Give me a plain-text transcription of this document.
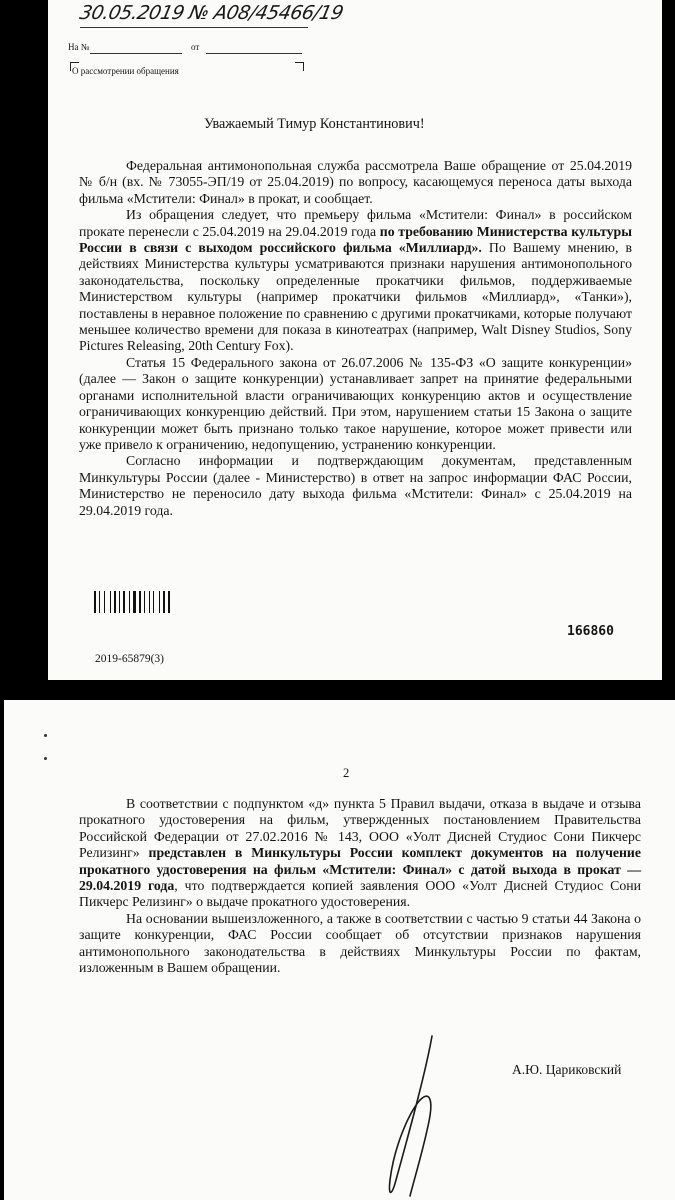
30.05.2019 № А08/45466/19
На №	от
О рассмотрении обращения
Уважаемый Тимур Константинович!

Федеральная антимонопольная служба рассмотрела Ваше обращение от 25.04.2019 № б/н (вх. № 73055-ЭП/19 от 25.04.2019) по вопросу, касающемуся переноса даты выхода фильма «Мстители: Финал» в прокат, и сообщает.

Из обращения следует, что премьеру фильма «Мстители: Финал» в российском прокате перенесли с 25.04.2019 на 29.04.2019 года по требованию Министерства культуры России в связи с выходом российского фильма «Миллиард». По Вашему мнению, в действиях Министерства культуры усматриваются признаки нарушения антимонопольного законодательства, поскольку определенные прокатчики фильмов, поддерживаемые Министерством культуры (например прокатчики фильмов «Миллиард», «Танки»), поставлены в неравное положение по сравнению с другими прокатчиками, которые получают меньшее количество времени для показа в кинотеатрах (например, Walt Disney Studios, Sony Pictures Releasing, 20th Century Fox).

Статья 15 Федерального закона от 26.07.2006 № 135-ФЗ «О защите конкуренции» (далее — Закон о защите конкуренции) устанавливает запрет на принятие федеральными органами исполнительной власти ограничивающих конкуренцию актов и осуществление ограничивающих конкуренцию действий. При этом, нарушением статьи 15 Закона о защите конкуренции может быть признано только такое нарушение, которое может привести или уже привело к ограничению, недопущению, устранению конкуренции.

Согласно информации и подтверждающим документам, представленным Минкультуры России (далее - Министерство) в ответ на запрос информации ФАС России, Министерство не переносило дату выхода фильма «Мстители: Финал» с 25.04.2019 на 29.04.2019 года.

166860
2019-65879(3)
2

В соответствии с подпунктом «д» пункта 5 Правил выдачи, отказа в выдаче и отзыва прокатного удостоверения на фильм, утвержденных постановлением Правительства Российской Федерации от 27.02.2016 № 143, ООО «Уолт Дисней Студиос Сони Пикчерс Релизинг» представлен в Минкультуры России комплект документов на получение прокатного удостоверения на фильм «Мстители: Финал» с датой выхода в прокат — 29.04.2019 года, что подтверждается копией заявления ООО «Уолт Дисней Студиос Сони Пикчерс Релизинг» о выдаче прокатного удостоверения.

На основании вышеизложенного, а также в соответствии с частью 9 статьи 44 Закона о защите конкуренции, ФАС России сообщает об отсутствии признаков нарушения антимонопольного законодательства в действиях Минкультуры России по фактам, изложенным в Вашем обращении.

А.Ю. Цариковский
